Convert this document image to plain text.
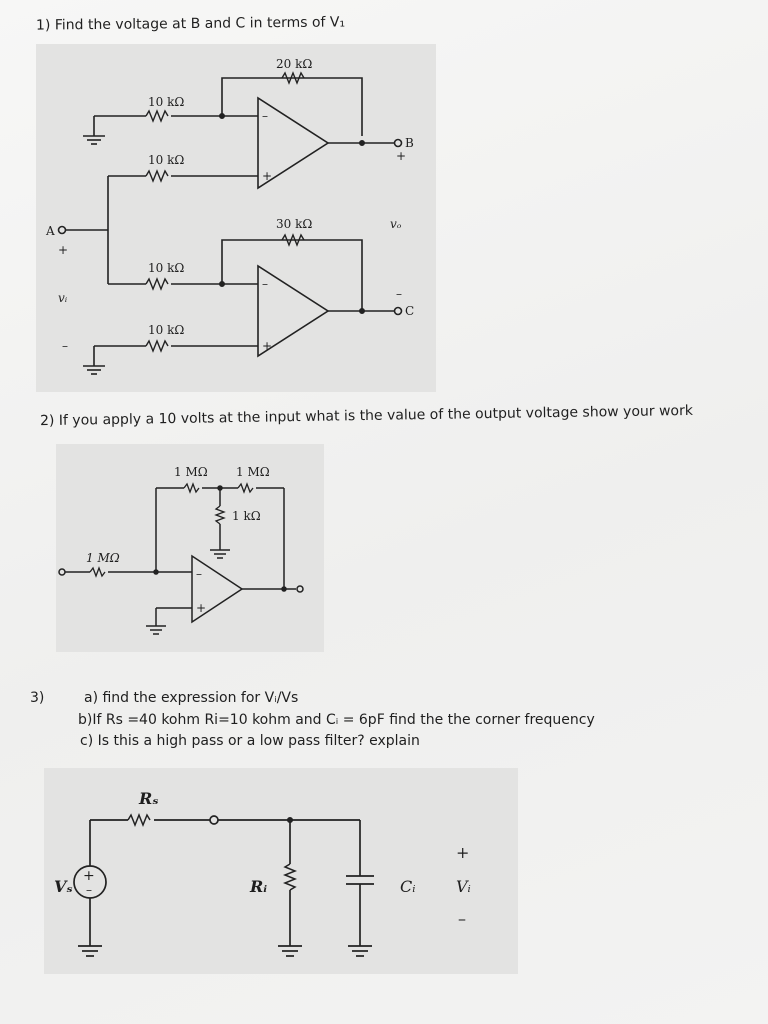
1) Find the voltage at B and C in terms of V₁
20 kΩ
10 kΩ
10 kΩ
30 kΩ
10 kΩ
10 kΩ
–
+
–
+
A
+
vᵢ
–
B
+
vₒ
–
C
2) If you apply a 10 volts at the input what is the value of the output voltage show your work
1 MΩ 1 MΩ
1 kΩ
1 MΩ
–
+
3)	a) find the expression for Vᵢ/Vs
b)If Rs =40 kohm Ri=10 kohm and Cᵢ = 6pF find the the corner frequency
c) Is this a high pass or a low pass filter? explain
Rₛ
Vₛ
+
–	Rᵢ	Cᵢ
+
Vᵢ
–
